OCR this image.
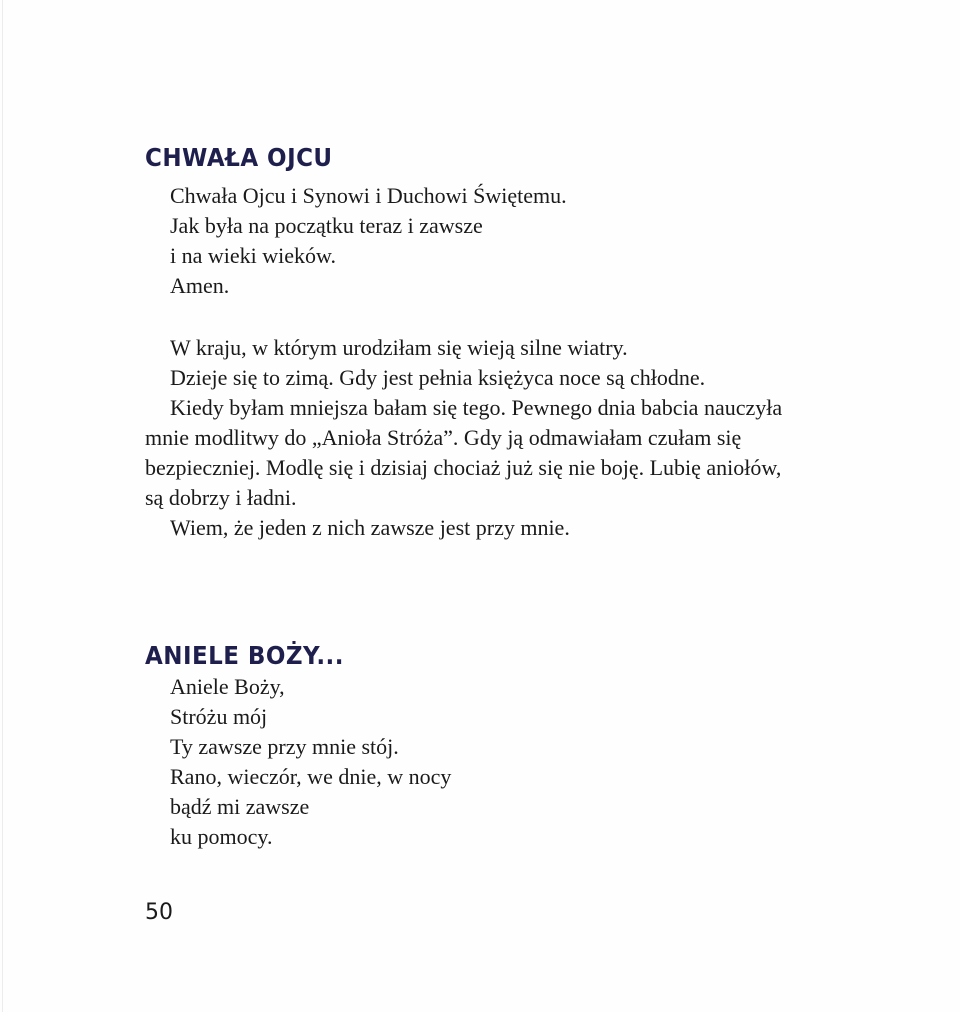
CHWAŁA OJCU

Chwała Ojcu i Synowi i Duchowi Świętemu.

Jak była na początku teraz i zawsze

i na wieki wieków.

Amen.

W kraju, w którym urodziłam się wieją silne wiatry.

Dzieje się to zimą. Gdy jest pełnia księżyca noce są chłodne.

Kiedy byłam mniejsza bałam się tego. Pewnego dnia babcia nauczyła

mnie modlitwy do „Anioła Stróża”. Gdy ją odmawiałam czułam się

bezpieczniej. Modlę się i dzisiaj chociaż już się nie boję. Lubię aniołów,

są dobrzy i ładni.

Wiem, że jeden z nich zawsze jest przy mnie.

ANIELE BOŻY...

Aniele Boży,

Stróżu mój

Ty zawsze przy mnie stój.

Rano, wieczór, we dnie, w nocy

bądź mi zawsze

ku pomocy.

50
